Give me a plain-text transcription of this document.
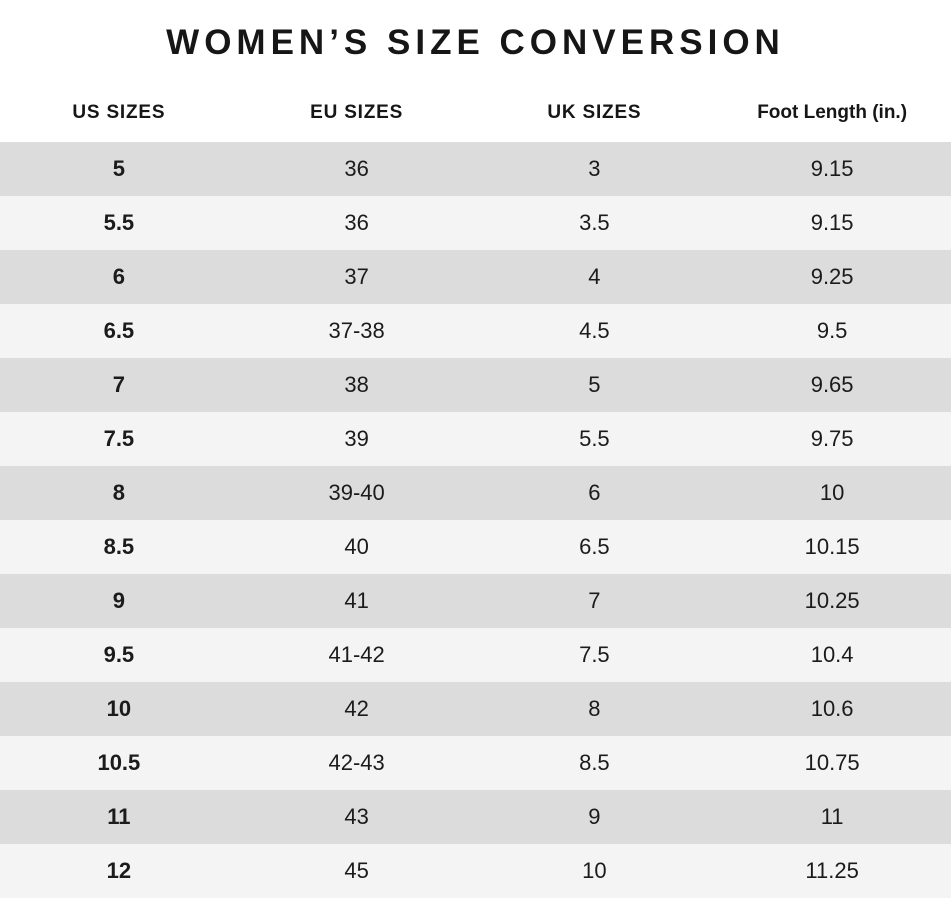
WOMEN’S SIZE CONVERSION
US SIZES	EU SIZES	UK SIZES	Foot Length (in.)
5	36	3	9.15
5.5	36	3.5	9.15
6	37	4	9.25
6.5	37-38	4.5	9.5
7	38	5	9.65
7.5	39	5.5	9.75
8	39-40	6	10
8.5	40	6.5	10.15
9	41	7	10.25
9.5	41-42	7.5	10.4
10	42	8	10.6
10.5	42-43	8.5	10.75
11	43	9	11
12	45	10	11.25
